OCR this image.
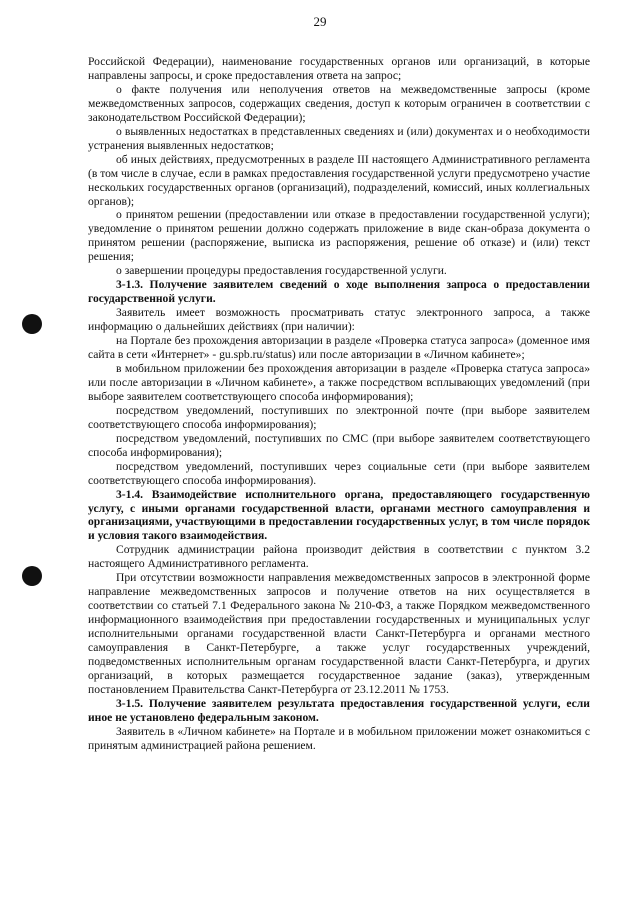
29

Российской Федерации), наименование государственных органов или организаций, в которые направлены запросы, и сроке предоставления ответа на запрос;

о факте получения или неполучения ответов на межведомственные запросы (кроме межведомственных запросов, содержащих сведения, доступ к которым ограничен в соответствии с законодательством Российской Федерации);

о выявленных недостатках в представленных сведениях и (или) документах и о необходимости устранения выявленных недостатков;

об иных действиях, предусмотренных в разделе III настоящего Административного регламента (в том числе в случае, если в рамках предоставления государственной услуги предусмотрено участие нескольких государственных органов (организаций), подразделений, комиссий, иных коллегиальных органов);

о принятом решении (предоставлении или отказе в предоставлении государственной услуги); уведомление о принятом решении должно содержать приложение в виде скан-образа документа о принятом решении (распоряжение, выписка из распоряжения, решение об отказе) и (или) текст решения;

о завершении процедуры предоставления государственной услуги.

3-1.3. Получение заявителем сведений о ходе выполнения запроса о предоставлении государственной услуги.

Заявитель имеет возможность просматривать статус электронного запроса, а также информацию о дальнейших действиях (при наличии):

на Портале без прохождения авторизации в разделе «Проверка статуса запроса» (доменное имя сайта в сети «Интернет» - gu.spb.ru/status) или после авторизации в «Личном кабинете»;

в мобильном приложении без прохождения авторизации в разделе «Проверка статуса запроса» или после авторизации в «Личном кабинете», а также посредством всплывающих уведомлений (при выборе заявителем соответствующего способа информирования);

посредством уведомлений, поступивших по электронной почте (при выборе заявителем соответствующего способа информирования);

посредством уведомлений, поступивших по СМС (при выборе заявителем соответствующего способа информирования);

посредством уведомлений, поступивших через социальные сети (при выборе заявителем соответствующего способа информирования).

3-1.4. Взаимодействие исполнительного органа, предоставляющего государственную услугу, с иными органами государственной власти, органами местного самоуправления и организациями, участвующими в предоставлении государственных услуг, в том числе порядок и условия такого взаимодействия.

Сотрудник администрации района производит действия в соответствии с пунктом 3.2 настоящего Административного регламента.

При отсутствии возможности направления межведомственных запросов в электронной форме направление межведомственных запросов и получение ответов на них осуществляется в соответствии со статьей 7.1 Федерального закона № 210-ФЗ, а также Порядком межведомственного информационного взаимодействия при предоставлении государственных и муниципальных услуг исполнительными органами государственной власти Санкт-Петербурга и органами местного самоуправления в Санкт-Петербурге, а также услуг государственных учреждений, подведомственных исполнительным органам государственной власти Санкт-Петербурга, и других организаций, в которых размещается государственное задание (заказ), утвержденным постановлением Правительства Санкт-Петербурга от 23.12.2011 № 1753.

3-1.5. Получение заявителем результата предоставления государственной услуги, если иное не установлено федеральным законом.

Заявитель в «Личном кабинете» на Портале и в мобильном приложении может ознакомиться с принятым администрацией района решением.
